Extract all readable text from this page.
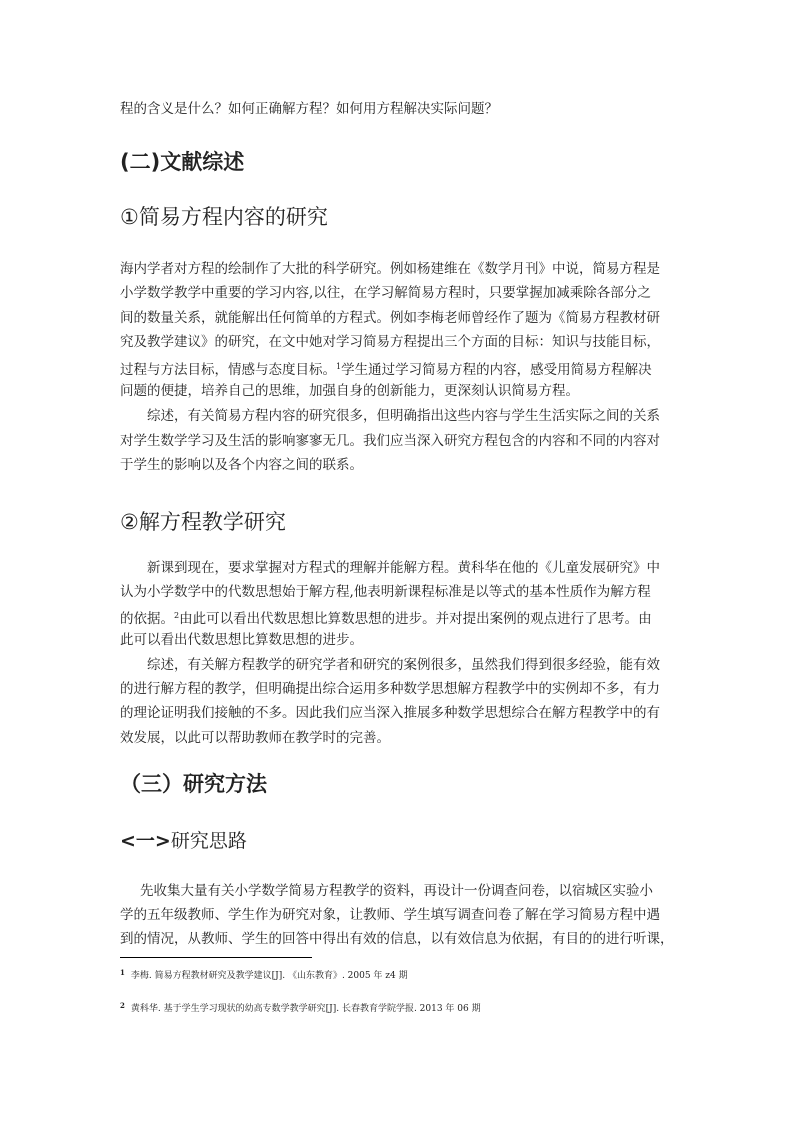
程的含义是什么？如何正确解方程？如何用方程解决实际问题？
(二)文献综述
①简易方程内容的研究
海内学者对方程的绘制作了大批的科学研究。例如杨建维在《数学月刊》中说，简易方程是
小学数学教学中重要的学习内容,以往，在学习解简易方程时，只要掌握加减乘除各部分之
间的数量关系，就能解出任何简单的方程式。例如李梅老师曾经作了题为《简易方程教材研
究及教学建议》的研究，在文中她对学习简易方程提出三个方面的目标：知识与技能目标，
过程与方法目标，情感与态度目标。$^1$学生通过学习简易方程的内容，感受用简易方程解决
问题的便捷，培养自己的思维，加强自身的创新能力，更深刻认识简易方程。
综述，有关简易方程内容的研究很多，但明确指出这些内容与学生生活实际之间的关系
对学生数学学习及生活的影响寥寥无几。我们应当深入研究方程包含的内容和不同的内容对
于学生的影响以及各个内容之间的联系。
②解方程教学研究
新课到现在，要求掌握对方程式的理解并能解方程。黄科华在他的《儿童发展研究》中
认为小学数学中的代数思想始于解方程,他表明新课程标准是以等式的基本性质作为解方程
的依据。$^2$由此可以看出代数思想比算数思想的进步。并对提出案例的观点进行了思考。由
此可以看出代数思想比算数思想的进步。
综述，有关解方程教学的研究学者和研究的案例很多，虽然我们得到很多经验，能有效
的进行解方程的教学，但明确提出综合运用多种数学思想解方程教学中的实例却不多，有力
的理论证明我们接触的不多。因此我们应当深入推展多种数学思想综合在解方程教学中的有
效发展，以此可以帮助教师在教学时的完善。
（三）研究方法
<一>研究思路
先收集大量有关小学数学简易方程教学的资料，再设计一份调查问卷，以宿城区实验小
学的五年级教师、学生作为研究对象，让教师、学生填写调查问卷了解在学习简易方程中遇
到的情况，从教师、学生的回答中得出有效的信息，以有效信息为依据，有目的的进行听课，
$^1$ 李梅. 简易方程教材研究及教学建议[J]. 《山东教育》. 2005 年 z4 期
$^2$ 黄科华. 基于学生学习现状的幼高专数学教学研究[J]. 长春教育学院学报. 2013 年 06 期
